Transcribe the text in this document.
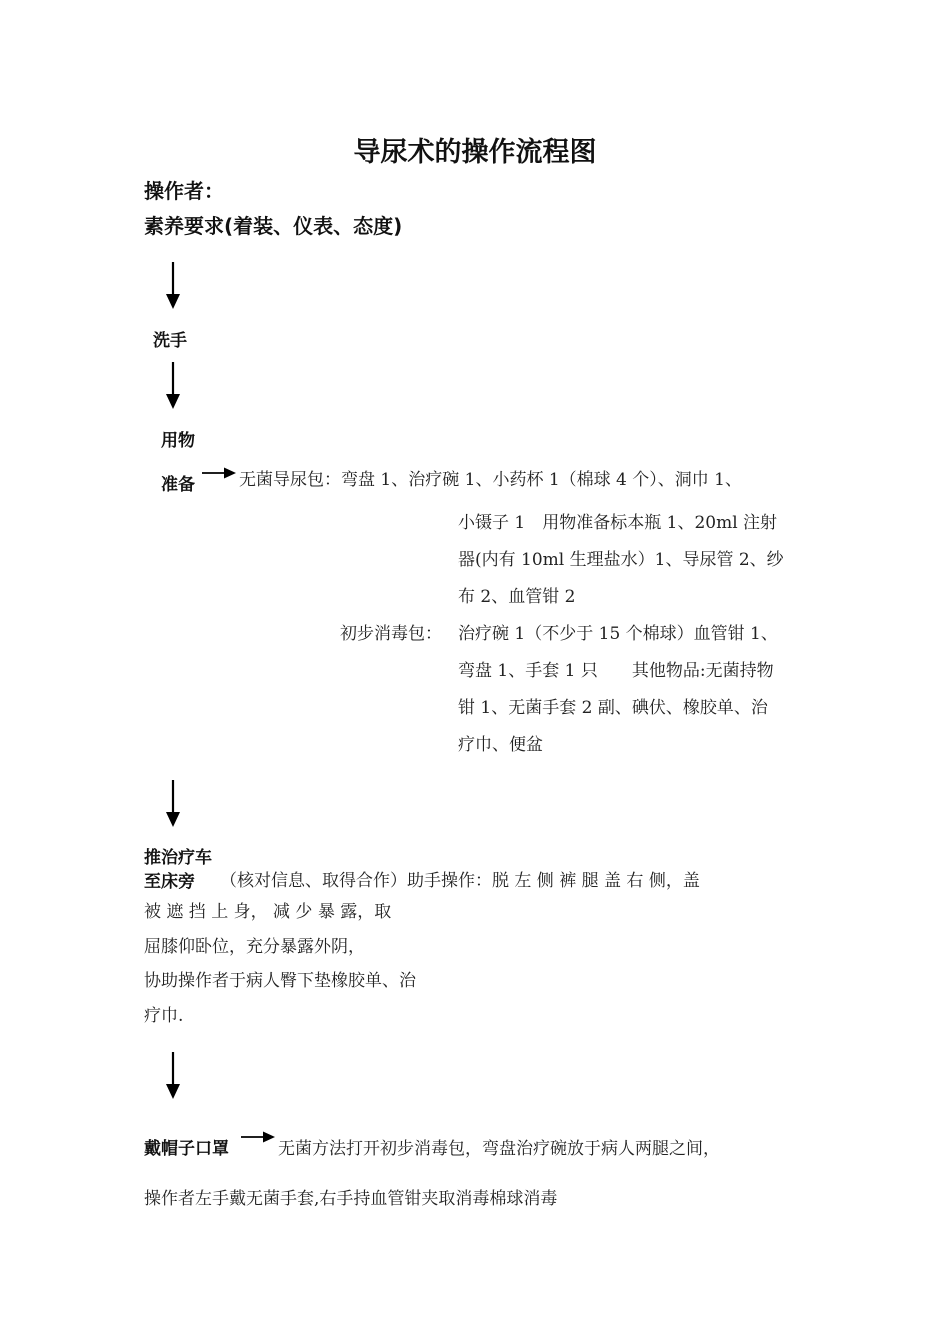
导尿术的操作流程图
操作者：
素养要求(着装、仪表、态度)
洗手
用物
准备	无菌导尿包：弯盘 1、治疗碗 1、小药杯 1（棉球 4 个）、洞巾 1、
小镊子 1　用物准备标本瓶 1、20ml 注射
器(内有 10ml 生理盐水）1、导尿管 2、纱
布 2、血管钳 2
初步消毒包： 治疗碗 1（不少于 15 个棉球）血管钳 1、
弯盘 1、手套 1 只　　其他物品:无菌持物
钳 1、无菌手套 2 副、碘伏、橡胶单、治
疗巾、便盆
推治疗车
至床旁 （核对信息、取得合作）助手操作：脱 左 侧 裤 腿 盖 右 侧，盖
被 遮 挡 上 身， 减 少 暴 露，取
屈膝仰卧位，充分暴露外阴，
协助操作者于病人臀下垫橡胶单、治
疗巾.
戴帽子口罩	无菌方法打开初步消毒包，弯盘治疗碗放于病人两腿之间，
操作者左手戴无菌手套,右手持血管钳夹取消毒棉球消毒
